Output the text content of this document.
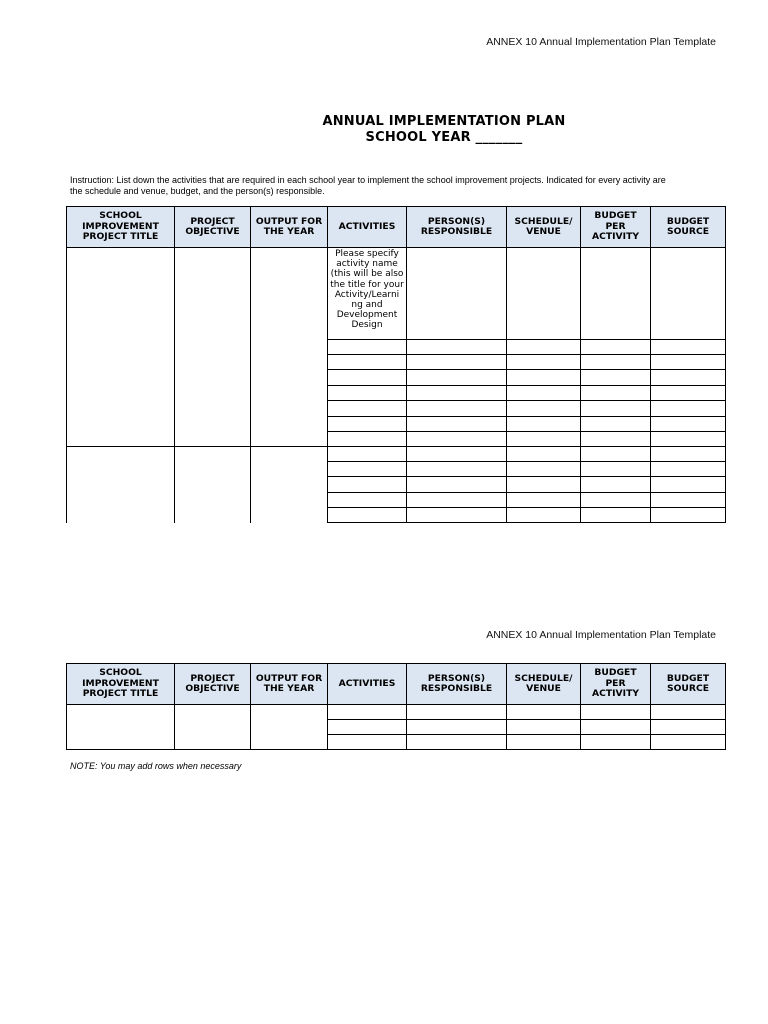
ANNEX 10 Annual Implementation Plan Template
ANNUAL IMPLEMENTATION PLAN
SCHOOL YEAR _______
Instruction: List down the activities that are required in each school year to implement the school improvement projects. Indicated for every activity are the schedule and venue, budget, and the person(s) responsible.
SCHOOL IMPROVEMENT PROJECT TITLE	PROJECT OBJECTIVE	OUTPUT FOR THE YEAR	ACTIVITIES	PERSON(S) RESPONSIBLE	SCHEDULE/ VENUE	BUDGET PER ACTIVITY	BUDGET SOURCE

			Please specify activity name (this will be also the title for your Activity/Learni ng and Development Design				

ANNEX 10 Annual Implementation Plan Template
SCHOOL IMPROVEMENT PROJECT TITLE	PROJECT OBJECTIVE	OUTPUT FOR THE YEAR	ACTIVITIES	PERSON(S) RESPONSIBLE	SCHEDULE/ VENUE	BUDGET PER ACTIVITY	BUDGET SOURCE

NOTE: You may add rows when necessary
